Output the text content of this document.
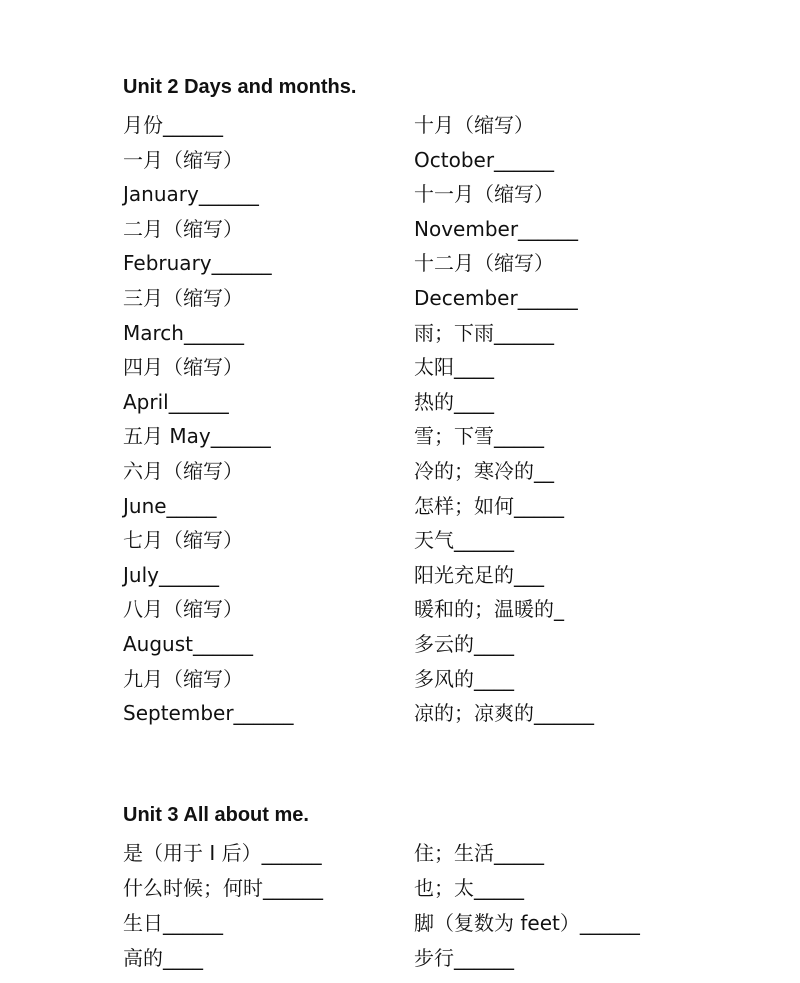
Unit 2 Days and months.
月份______
一月（缩写）
January______
二月（缩写）
February______
三月（缩写）
March______
四月（缩写）
April______
五月 May______
六月（缩写）
June_____
七月（缩写）
July______
八月（缩写）
August______
九月（缩写）
September______
十月（缩写）
October______
十一月（缩写）
November______
十二月（缩写）
December______
雨；下雨______
太阳____
热的____
雪；下雪_____
冷的；寒冷的__
怎样；如何_____
天气______
阳光充足的___
暖和的；温暖的_
多云的____
多风的____
凉的；凉爽的______
Unit 3 All about me.
是（用于 I 后）______
什么时候；何时______
生日______
高的____
住；生活_____
也；太_____
脚（复数为 feet）______
步行______
